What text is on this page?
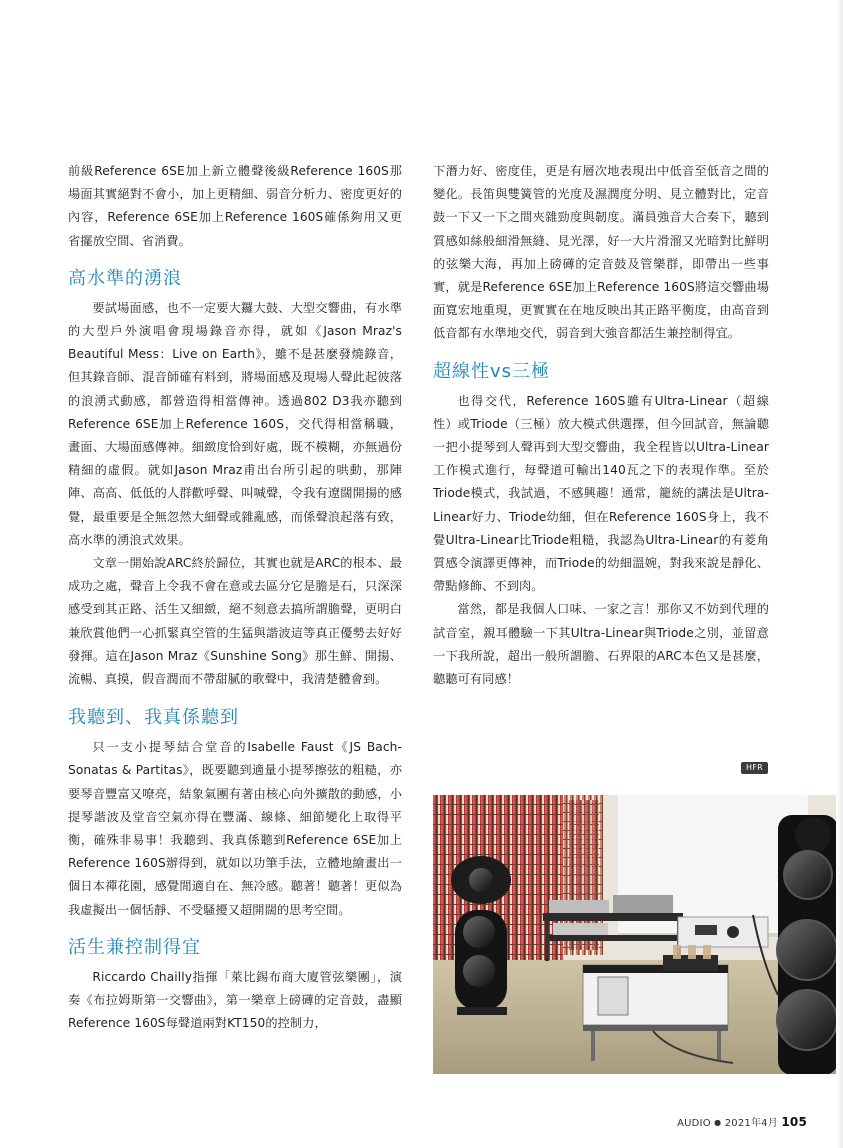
前級Reference 6SE加上新立體聲後級Reference 160S那場面其實絕對不會小，加上更精細、弱音分析力、密度更好的內容，Reference 6SE加上Reference 160S確係夠用又更省擺放空間、省消費。

高水準的湧浪

要試場面感，也不一定要大鑼大鼓、大型交響曲，有水準的大型戶外演唱會現場錄音亦得，就如《Jason Mraz's Beautiful Mess：Live on Earth》，雖不是甚麼發燒錄音，但其錄音師、混音師確有料到，將場面感及現場人聲此起彼落的浪湧式動感，都營造得相當傳神。透過802 D3我亦聽到Reference 6SE加上Reference 160S，交代得相當稱職，畫面、大場面感傳神。細緻度恰到好處，既不模糊，亦無過份精細的虛假。就如Jason Mraz甫出台所引起的哄動，那陣陣、高高、低低的人群歡呼聲、叫喊聲，令我有遼闊開揚的感覺，最重要是全無忽然大細聲或雜亂感，而係聲浪起落有致，高水準的湧浪式效果。

文章一開始說ARC終於歸位，其實也就是ARC的根本、最成功之處，聲音上令我不會在意或去區分它是膽是石，只深深感受到其正路、活生又細緻，絕不刻意去搞所謂膽聲，更明白兼欣賞他們一心抓緊真空管的生猛與諧波這等真正優勢去好好發揮。這在Jason Mraz《Sunshine Song》那生鮮、開揚、流暢、真摸，假音潤而不帶甜膩的歌聲中，我清楚體會到。

我聽到、我真係聽到

只一支小提琴結合堂音的Isabelle Faust《JS Bach-Sonatas & Partitas》，既要聽到適量小提琴擦弦的粗糙，亦要琴音豐富又嘹亮，結象氣團有著由核心向外擴散的動感，小提琴諧波及堂音空氣亦得在豐滿、線條、細節變化上取得平衡，確殊非易事！我聽到、我真係聽到Reference 6SE加上Reference 160S辦得到，就如以功筆手法，立體地繪畫出一個日本禪花園，感覺閒適自在、無冷感。聽著！聽著！更似為我虛擬出一個恬靜、不受騷擾又超開闊的思考空間。

活生兼控制得宜

Riccardo Chailly指揮「萊比錫布商大廈管弦樂團」，演奏《布拉姆斯第一交響曲》，第一樂章上磅礡的定音鼓，盡顯Reference 160S每聲道兩對KT150的控制力，

下潛力好、密度佳，更是有層次地表現出中低音至低音之間的變化。長笛與雙簧管的光度及濕潤度分明、見立體對比，定音鼓一下又一下之間夾雜勁度與韌度。滿員強音大合奏下，聽到質感如絲般細滑無縫、見光澤，好一大片滑溜又光暗對比鮮明的弦樂大海，再加上磅礡的定音鼓及管樂群，即帶出一些事實，就是Reference 6SE加上Reference 160S將這交響曲場面寬宏地重現，更實實在在地反映出其正路平衡度，由高音到低音都有水準地交代，弱音到大強音都活生兼控制得宜。

超線性vs三極

也得交代，Reference 160S雖有Ultra-Linear（超線性）或Triode（三極）放大模式供選擇，但今回試音，無論聽一把小提琴到人聲再到大型交響曲，我全程皆以Ultra-Linear工作模式進行，每聲道可輸出140瓦之下的表現作準。至於Triode模式，我試過，不感興趣！通常，籠統的講法是Ultra-Linear好力、Triode幼細，但在Reference 160S身上，我不覺Ultra-Linear比Triode粗糙，我認為Ultra-Linear的有菱角質感令演譯更傳神，而Triode的幼細溫婉，對我來說是靜化、帶點修飾、不到肉。

當然，都是我個人口味、一家之言！那你又不妨到代理的試音室，親耳體驗一下其Ultra-Linear與Triode之別，並留意一下我所說，超出一般所謂膽、石界限的ARC本色又是甚麼，聽聽可有同感！

HFR
AUDIO ● 2021年4月 105
